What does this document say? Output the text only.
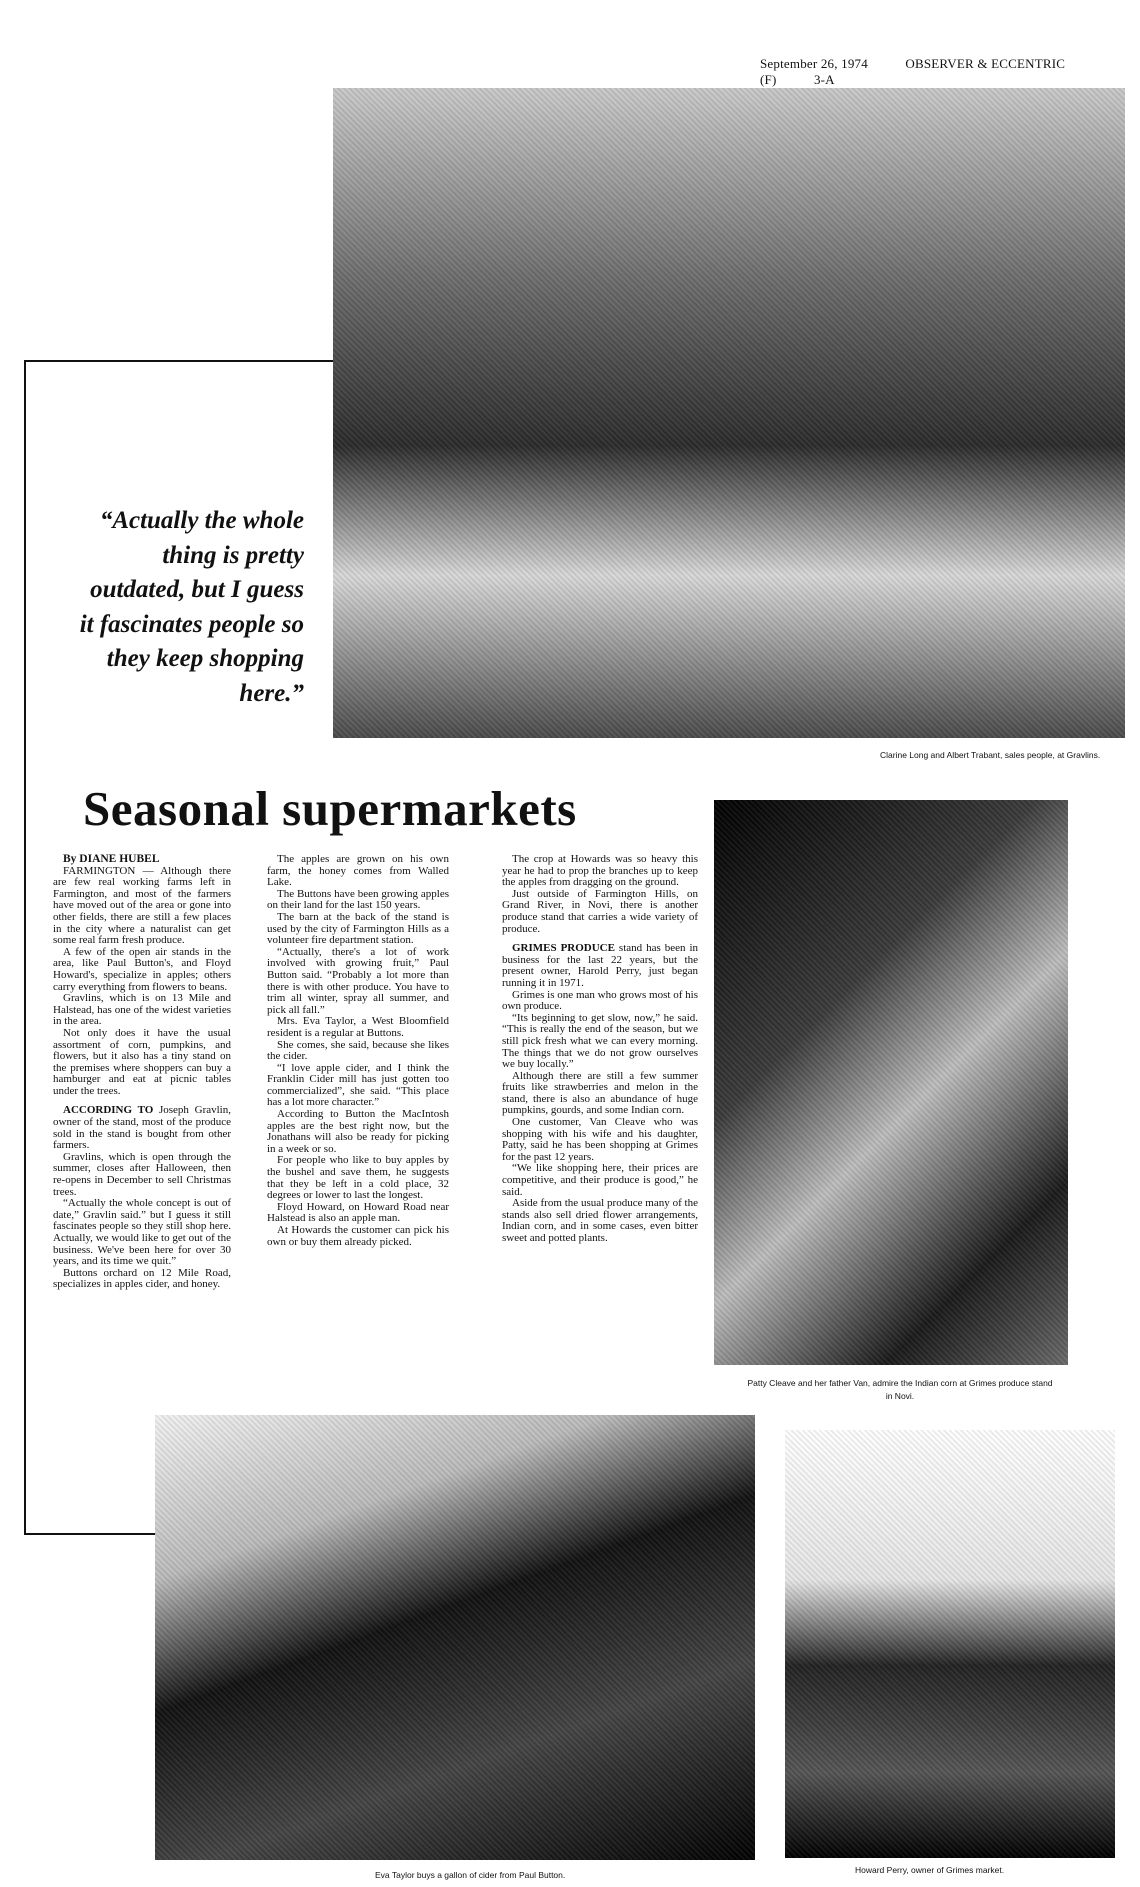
September 26, 1974	OBSERVER & ECCENTRIC (F)	3-A
Clarine Long and Albert Trabant, sales people, at Gravlins.
“Actually the whole thing is pretty outdated, but I guess it fascinates people so they keep shopping here.”
Seasonal supermarkets
Patty Cleave and her father Van, admire the Indian corn at Grimes produce stand in Novi.
Eva Taylor buys a gallon of cider from Paul Button.	Howard Perry, owner of Grimes market.

By DIANE HUBEL

FARMINGTON — Although there are few real working farms left in Farmington, and most of the farmers have moved out of the area or gone into other fields, there are still a few places in the city where a naturalist can get some real farm fresh produce.

A few of the open air stands in the area, like Paul Button's, and Floyd Howard's, specialize in apples; others carry everything from flowers to beans.

Gravlins, which is on 13 Mile and Halstead, has one of the widest varieties in the area.

Not only does it have the usual assortment of corn, pumpkins, and flowers, but it also has a tiny stand on the premises where shoppers can buy a hamburger and eat at picnic tables under the trees.

ACCORDING TO Joseph Gravlin, owner of the stand, most of the produce sold in the stand is bought from other farmers.

Gravlins, which is open through the summer, closes after Halloween, then re-opens in December to sell Christmas trees.

“Actually the whole concept is out of date,” Gravlin said.” but I guess it still fascinates people so they still shop here. Actually, we would like to get out of the business. We've been here for over 30 years, and its time we quit.”

Buttons orchard on 12 Mile Road, specializes in apples cider, and honey.

The apples are grown on his own farm, the honey comes from Walled Lake.

The Buttons have been growing apples on their land for the last 150 years.

The barn at the back of the stand is used by the city of Farmington Hills as a volunteer fire department station.

“Actually, there's a lot of work involved with growing fruit,” Paul Button said. “Probably a lot more than there is with other produce. You have to trim all winter, spray all summer, and pick all fall.”

Mrs. Eva Taylor, a West Bloomfield resident is a regular at Buttons.

She comes, she said, because she likes the cider.

“I love apple cider, and I think the Franklin Cider mill has just gotten too commercialized”, she said. “This place has a lot more character.”

According to Button the MacIntosh apples are the best right now, but the Jonathans will also be ready for picking in a week or so.

For people who like to buy apples by the bushel and save them, he suggests that they be left in a cold place, 32 degrees or lower to last the longest.

Floyd Howard, on Howard Road near Halstead is also an apple man.

At Howards the customer can pick his own or buy them already picked.

The crop at Howards was so heavy this year he had to prop the branches up to keep the apples from dragging on the ground.

Just outside of Farmington Hills, on Grand River, in Novi, there is another produce stand that carries a wide variety of produce.

GRIMES PRODUCE stand has been in business for the last 22 years, but the present owner, Harold Perry, just began running it in 1971.

Grimes is one man who grows most of his own produce.

“Its beginning to get slow, now,” he said. “This is really the end of the season, but we still pick fresh what we can every morning. The things that we do not grow ourselves we buy locally.”

Although there are still a few summer fruits like strawberries and melon in the stand, there is also an abundance of huge pumpkins, gourds, and some Indian corn.

One customer, Van Cleave who was shopping with his wife and his daughter, Patty, said he has been shopping at Grimes for the past 12 years.

“We like shopping here, their prices are competitive, and their produce is good,” he said.

Aside from the usual produce many of the stands also sell dried flower arrangements, Indian corn, and in some cases, even bitter sweet and potted plants.
